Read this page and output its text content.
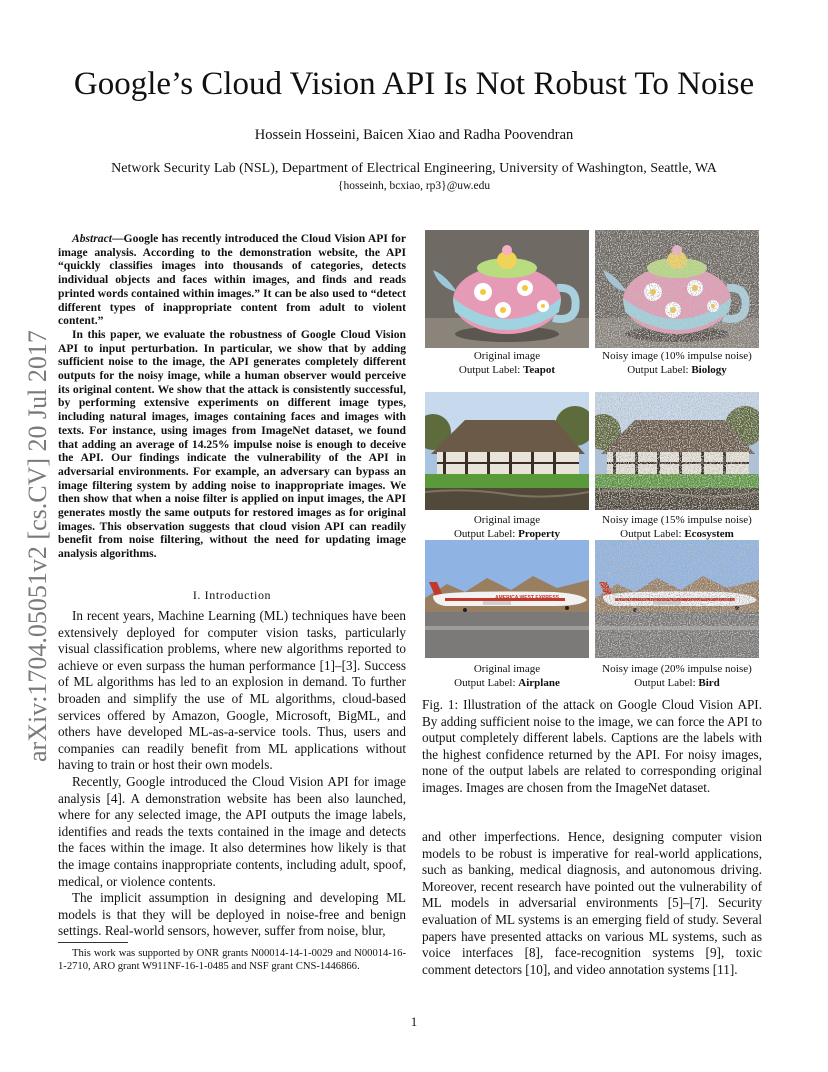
arXiv:1704.05051v2 [cs.CV] 20 Jul 2017
Google’s Cloud Vision API Is Not Robust To Noise
Hossein Hosseini, Baicen Xiao and Radha Poovendran
Network Security Lab (NSL), Department of Electrical Engineering, University of Washington, Seattle, WA
{hosseinh, bcxiao, rp3}@uw.edu

Abstract—Google has recently introduced the Cloud Vision API for image analysis. According to the demonstration website, the API “quickly classifies images into thousands of categories, detects individual objects and faces within images, and finds and reads printed words contained within images.” It can be also used to “detect different types of inappropriate content from adult to violent content.”

In this paper, we evaluate the robustness of Google Cloud Vision API to input perturbation. In particular, we show that by adding sufficient noise to the image, the API generates completely different outputs for the noisy image, while a human observer would perceive its original content. We show that the attack is consistently successful, by performing extensive experiments on different image types, including natural images, images containing faces and images with texts. For instance, using images from ImageNet dataset, we found that adding an average of 14.25% impulse noise is enough to deceive the API. Our findings indicate the vulnerability of the API in adversarial environments. For example, an adversary can bypass an image filtering system by adding noise to inappropriate images. We then show that when a noise filter is applied on input images, the API generates mostly the same outputs for restored images as for original images. This observation suggests that cloud vision API can readily benefit from noise filtering, without the need for updating image analysis algorithms.

I. Introduction

In recent years, Machine Learning (ML) techniques have been extensively deployed for computer vision tasks, particularly visual classification problems, where new algorithms reported to achieve or even surpass the human performance [1]–[3]. Success of ML algorithms has led to an explosion in demand. To further broaden and simplify the use of ML algorithms, cloud-based services offered by Amazon, Google, Microsoft, BigML, and others have developed ML-as-a-service tools. Thus, users and companies can readily benefit from ML applications without having to train or host their own models.

Recently, Google introduced the Cloud Vision API for image analysis [4]. A demonstration website has been also launched, where for any selected image, the API outputs the image labels, identifies and reads the texts contained in the image and detects the faces within the image. It also determines how likely is that the image contains inappropriate contents, including adult, spoof, medical, or violence contents.

The implicit assumption in designing and developing ML models is that they will be deployed in noise-free and benign settings. Real-world sensors, however, suffer from noise, blur,

This work was supported by ONR grants N00014-14-1-0029 and N00014-16-1-2710, ARO grant W911NF-16-1-0485 and NSF grant CNS-1446866.
AMERICA WEST EXPRESS
Original image
Output Label: Teapot
Noisy image (10% impulse noise)
Output Label: Biology
Original image
Output Label: Property
Noisy image (15% impulse noise)
Output Label: Ecosystem
Original image
Output Label: Airplane
Noisy image (20% impulse noise)
Output Label: Bird
Fig. 1: Illustration of the attack on Google Cloud Vision API. By adding sufficient noise to the image, we can force the API to output completely different labels. Captions are the labels with the highest confidence returned by the API. For noisy images, none of the output labels are related to corresponding original images. Images are chosen from the ImageNet dataset.

and other imperfections. Hence, designing computer vision models to be robust is imperative for real-world applications, such as banking, medical diagnosis, and autonomous driving. Moreover, recent research have pointed out the vulnerability of ML models in adversarial environments [5]–[7]. Security evaluation of ML systems is an emerging field of study. Several papers have presented attacks on various ML systems, such as voice interfaces [8], face-recognition systems [9], toxic comment detectors [10], and video annotation systems [11].

1
